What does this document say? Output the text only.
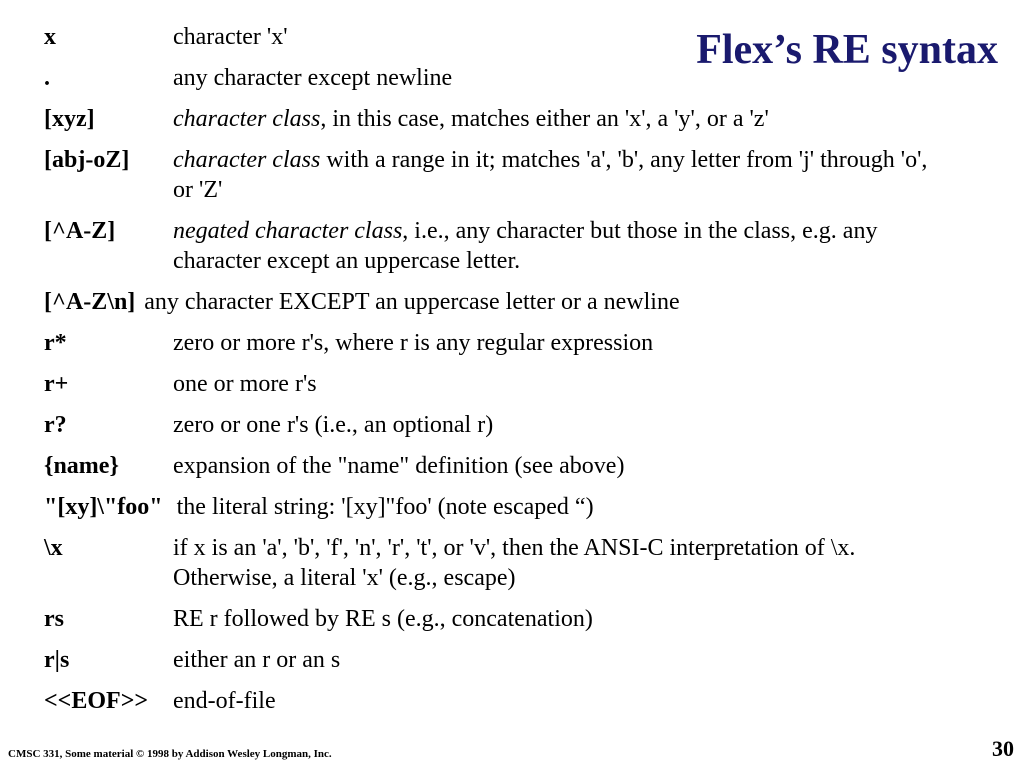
Flex’s RE syntax
x	character 'x'
.	any character except newline
[xyz]	character class, in this case, matches either an 'x', a 'y', or a 'z'
[abj-oZ] character class with a range in it; matches 'a', 'b', any letter from 'j' through 'o', or 'Z'
[^A-Z] negated character class, i.e., any character but those in the class, e.g. any character except an uppercase letter.
[^A-Z\n] any character EXCEPT an uppercase letter or a newline
r*	zero or more r's, where r is any regular expression
r+	one or more r's
r?	zero or one r's (i.e., an optional r)
{name} expansion of the "name" definition (see above)
"[xy]\"foo" the literal string: '[xy]"foo' (note escaped “)
\x	if x is an 'a', 'b', 'f', 'n', 'r', 't', or 'v', then the ANSI-C interpretation of \x. Otherwise, a literal 'x' (e.g., escape)
rs	RE r followed by RE s (e.g., concatenation)
r|s	either an r or an s
<<EOF>> end-of-file
CMSC 331, Some material © 1998 by Addison Wesley Longman, Inc.	30
